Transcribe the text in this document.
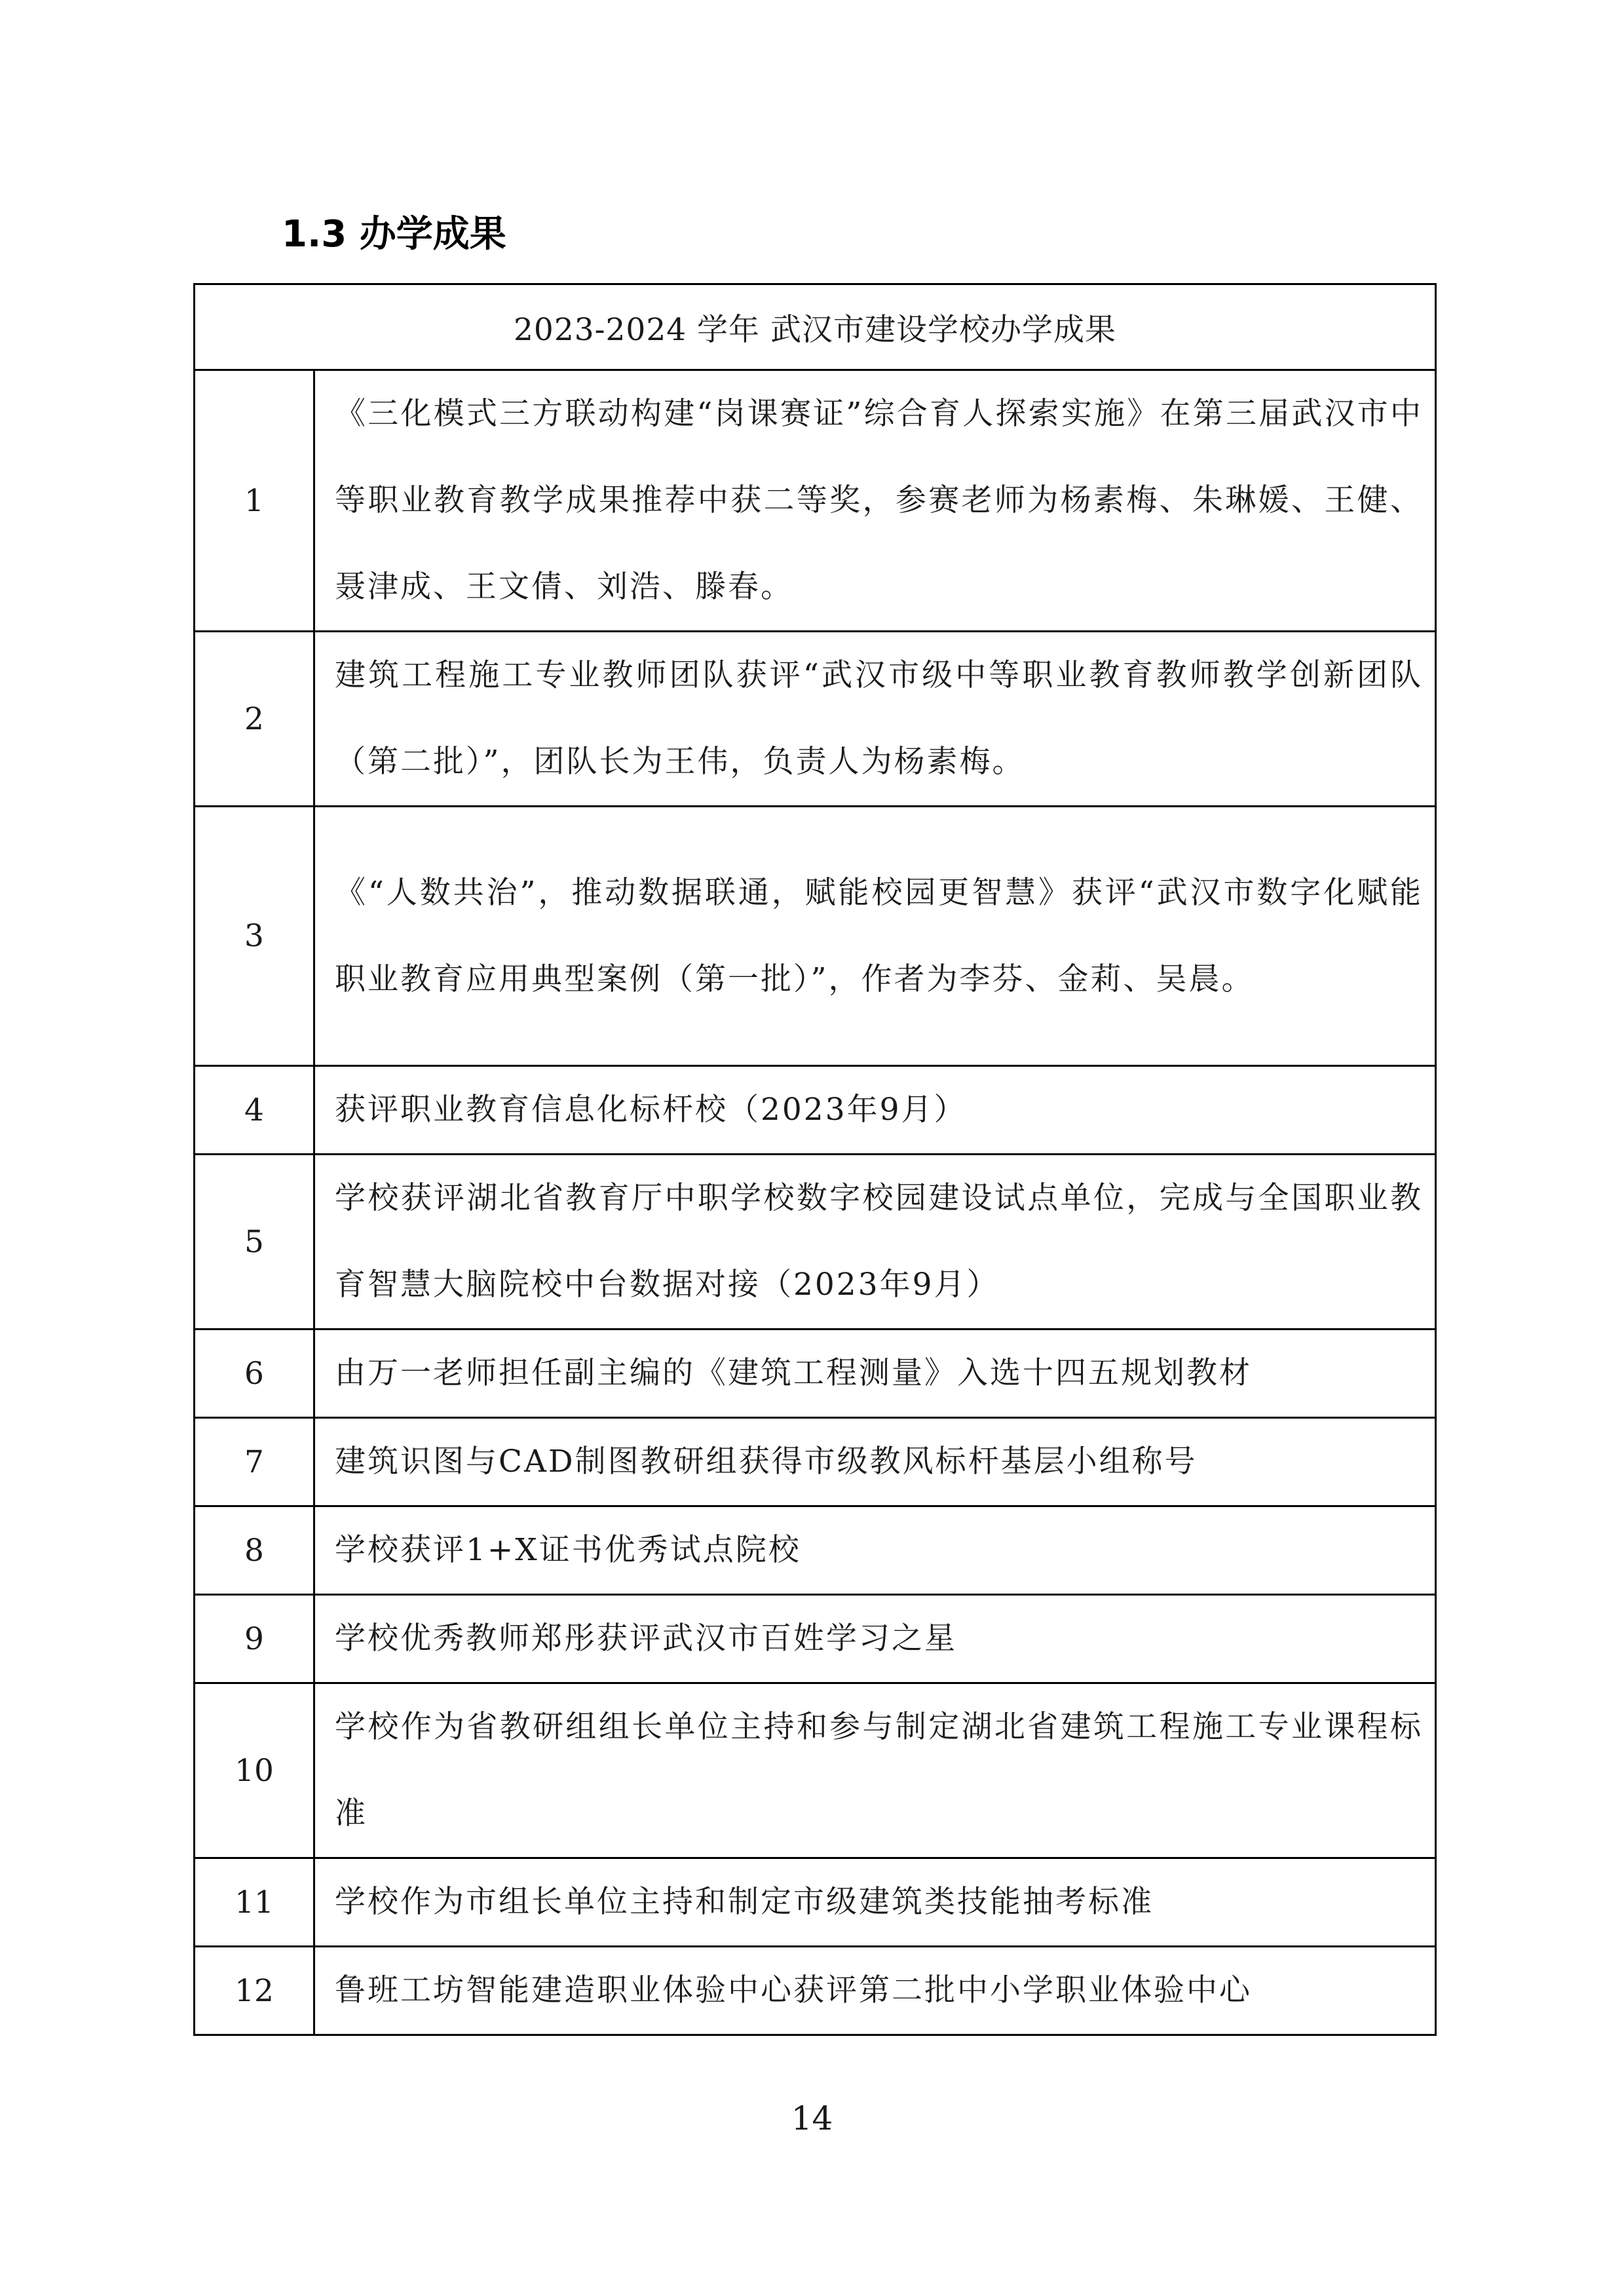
1.3 办学成果
2023-2024 学年 武汉市建设学校办学成果	
1	《三化模式三方联动构建“岗课赛证”综合育人探索实施》在第三届武汉市中等职业教育教学成果推荐中获二等奖，参赛老师为杨素梅、朱琳媛、王健、聂津成、王文倩、刘浩、滕春。
2	建筑工程施工专业教师团队获评“武汉市级中等职业教育教师教学创新团队（第二批）”，团队长为王伟，负责人为杨素梅。
3	《“人数共治”，推动数据联通，赋能校园更智慧》获评“武汉市数字化赋能职业教育应用典型案例（第一批）”，作者为李芬、金莉、吴晨。
4	获评职业教育信息化标杆校（2023年9月）
5	学校获评湖北省教育厅中职学校数字校园建设试点单位，完成与全国职业教育智慧大脑院校中台数据对接（2023年9月）
6	由万一老师担任副主编的《建筑工程测量》入选十四五规划教材
7	建筑识图与CAD制图教研组获得市级教风标杆基层小组称号
8	学校获评1+X证书优秀试点院校
9	学校优秀教师郑彤获评武汉市百姓学习之星
10	学校作为省教研组组长单位主持和参与制定湖北省建筑工程施工专业课程标准
11	学校作为市组长单位主持和制定市级建筑类技能抽考标准
12	鲁班工坊智能建造职业体验中心获评第二批中小学职业体验中心
14
